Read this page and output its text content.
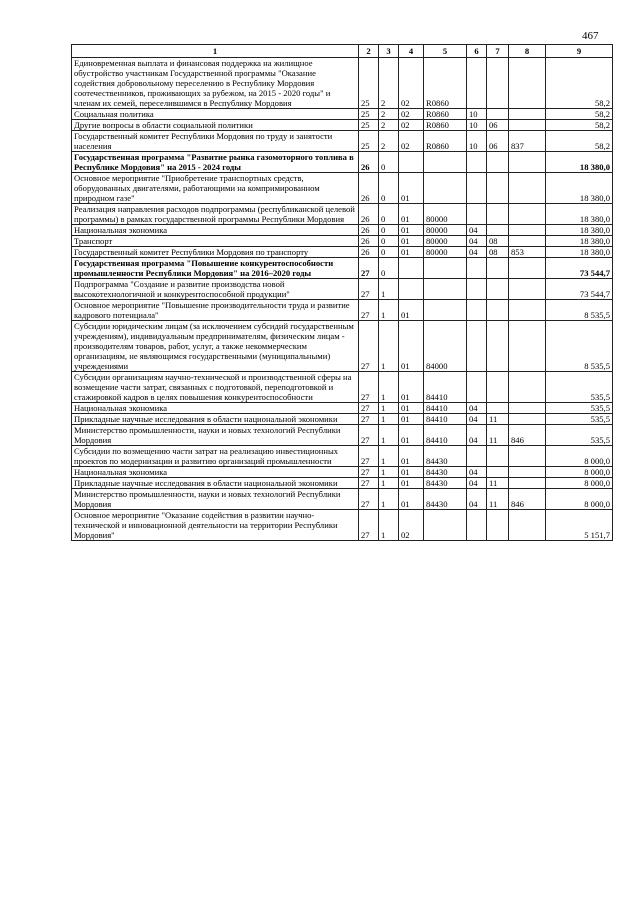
467
1	2	3	4	5	6	7	8	9
Единовременная выплата и финансовая поддержка на жилищное обустройство участникам Государственной программы "Оказание содействия добровольному переселению в Республику Мордовия соотечественников, проживающих за рубежом, на 2015 - 2020 годы" и членам их семей, переселившимся в Республику Мордовия	25	2	02	R0860				58,2
Социальная политика	25	2	02	R0860	10			58,2
Другие вопросы в области социальной политики	25	2	02	R0860	10	06		58,2
Государственный комитет Республики Мордовия по труду и занятости населения	25	2	02	R0860	10	06	837	58,2
Государственная программа "Развитие рынка газомоторного топлива в Республике Мордовия" на 2015 - 2024 годы	26	0						18 380,0
Основное мероприятие "Приобретение транспортных средств, оборудованных двигателями, работающими на компримированном природном газе"	26	0	01					18 380,0
Реализация направления расходов подпрограммы (республиканской целевой программы) в рамках государственной программы Республики Мордовия	26	0	01	80000				18 380,0
Национальная экономика	26	0	01	80000	04			18 380,0
Транспорт	26	0	01	80000	04	08		18 380,0
Государственный комитет Республики Мордовия по транспорту	26	0	01	80000	04	08	853	18 380,0
Государственная программа "Повышение конкурентоспособности промышленности Республики Мордовия" на 2016–2020 годы	27	0						73 544,7
Подпрограмма "Создание и развитие производства новой высокотехнологичной и конкурентоспособной продукции"	27	1						73 544,7
Основное мероприятие "Повышение производительности труда и развитие кадрового потенциала"	27	1	01					8 535,5
Субсидии юридическим лицам (за исключением субсидий государственным учреждениям), индивидуальным предпринимателям, физическим лицам - производителям товаров, работ, услуг, а также некоммерческим организациям, не являющимся государственными (муниципальными) учреждениями	27	1	01	84000				8 535,5
Субсидии организациям научно-технической и производственной сферы на возмещение части затрат, связанных с подготовкой, переподготовкой и стажировкой кадров в целях повышения конкурентоспособности	27	1	01	84410				535,5
Национальная экономика	27	1	01	84410	04			535,5
Прикладные научные исследования в области национальной экономики	27	1	01	84410	04	11		535,5
Министерство промышленности, науки и новых технологий Республики Мордовия	27	1	01	84410	04	11	846	535,5
Субсидии по возмещению части затрат на реализацию инвестиционных проектов по модернизации и развитию организаций промышленности	27	1	01	84430				8 000,0
Национальная экономика	27	1	01	84430	04			8 000,0
Прикладные научные исследования в области национальной экономики	27	1	01	84430	04	11		8 000,0
Министерство промышленности, науки и новых технологий Республики Мордовия	27	1	01	84430	04	11	846	8 000,0
Основное мероприятие "Оказание содействия в развитии научно-технической и инновационной деятельности на территории Республики Мордовия"	27	1	02					5 151,7
